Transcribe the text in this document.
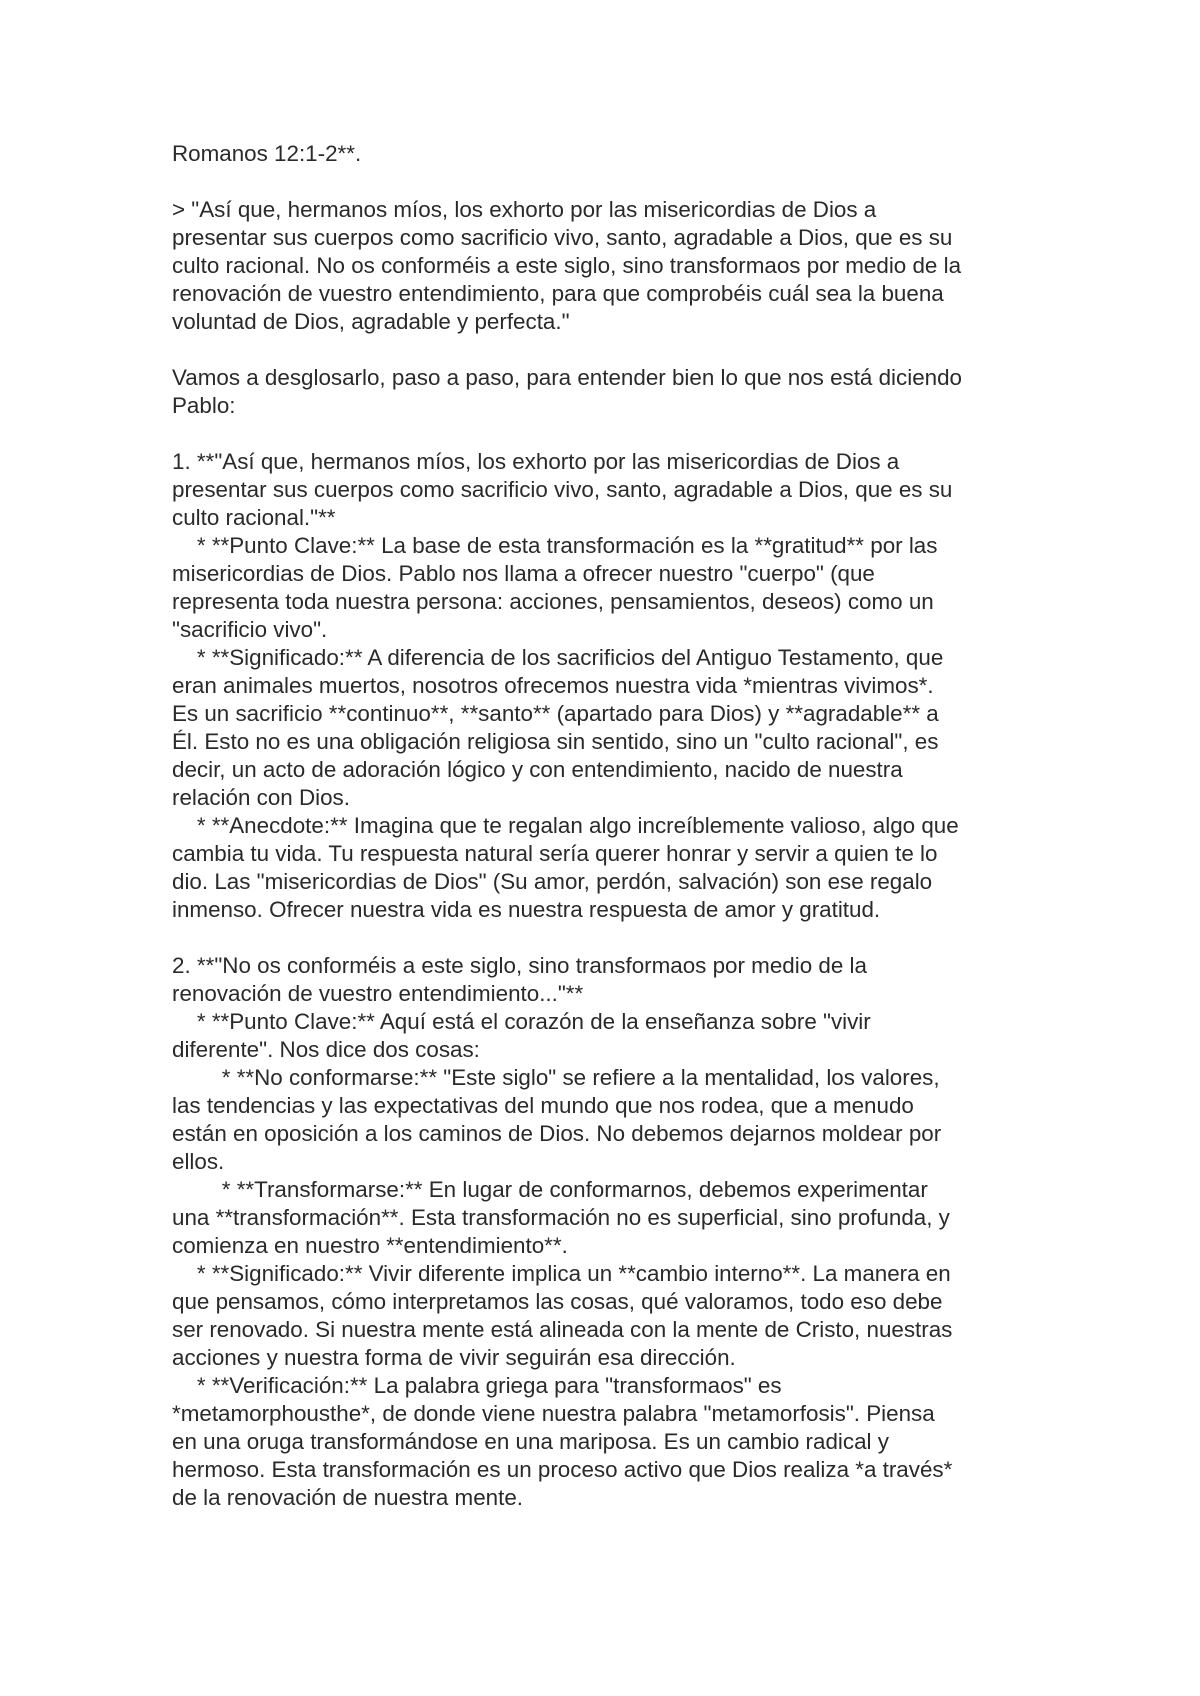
Romanos 12:1-2**.
> "Así que, hermanos míos, los exhorto por las misericordias de Dios a
presentar sus cuerpos como sacrificio vivo, santo, agradable a Dios, que es su
culto racional. No os conforméis a este siglo, sino transformaos por medio de la
renovación de vuestro entendimiento, para que comprobéis cuál sea la buena
voluntad de Dios, agradable y perfecta."
Vamos a desglosarlo, paso a paso, para entender bien lo que nos está diciendo
Pablo:
1. **"Así que, hermanos míos, los exhorto por las misericordias de Dios a
presentar sus cuerpos como sacrificio vivo, santo, agradable a Dios, que es su
culto racional."**
* **Punto Clave:** La base de esta transformación es la **gratitud** por las
misericordias de Dios. Pablo nos llama a ofrecer nuestro "cuerpo" (que
representa toda nuestra persona: acciones, pensamientos, deseos) como un
"sacrificio vivo".
* **Significado:** A diferencia de los sacrificios del Antiguo Testamento, que
eran animales muertos, nosotros ofrecemos nuestra vida *mientras vivimos*.
Es un sacrificio **continuo**, **santo** (apartado para Dios) y **agradable** a
Él. Esto no es una obligación religiosa sin sentido, sino un "culto racional", es
decir, un acto de adoración lógico y con entendimiento, nacido de nuestra
relación con Dios.
* **Anecdote:** Imagina que te regalan algo increíblemente valioso, algo que
cambia tu vida. Tu respuesta natural sería querer honrar y servir a quien te lo
dio. Las "misericordias de Dios" (Su amor, perdón, salvación) son ese regalo
inmenso. Ofrecer nuestra vida es nuestra respuesta de amor y gratitud.
2. **"No os conforméis a este siglo, sino transformaos por medio de la
renovación de vuestro entendimiento..."**
* **Punto Clave:** Aquí está el corazón de la enseñanza sobre "vivir
diferente". Nos dice dos cosas:
* **No conformarse:** "Este siglo" se refiere a la mentalidad, los valores,
las tendencias y las expectativas del mundo que nos rodea, que a menudo
están en oposición a los caminos de Dios. No debemos dejarnos moldear por
ellos.
* **Transformarse:** En lugar de conformarnos, debemos experimentar
una **transformación**. Esta transformación no es superficial, sino profunda, y
comienza en nuestro **entendimiento**.
* **Significado:** Vivir diferente implica un **cambio interno**. La manera en
que pensamos, cómo interpretamos las cosas, qué valoramos, todo eso debe
ser renovado. Si nuestra mente está alineada con la mente de Cristo, nuestras
acciones y nuestra forma de vivir seguirán esa dirección.
* **Verificación:** La palabra griega para "transformaos" es
*metamorphousthe*, de donde viene nuestra palabra "metamorfosis". Piensa
en una oruga transformándose en una mariposa. Es un cambio radical y
hermoso. Esta transformación es un proceso activo que Dios realiza *a través*
de la renovación de nuestra mente.
